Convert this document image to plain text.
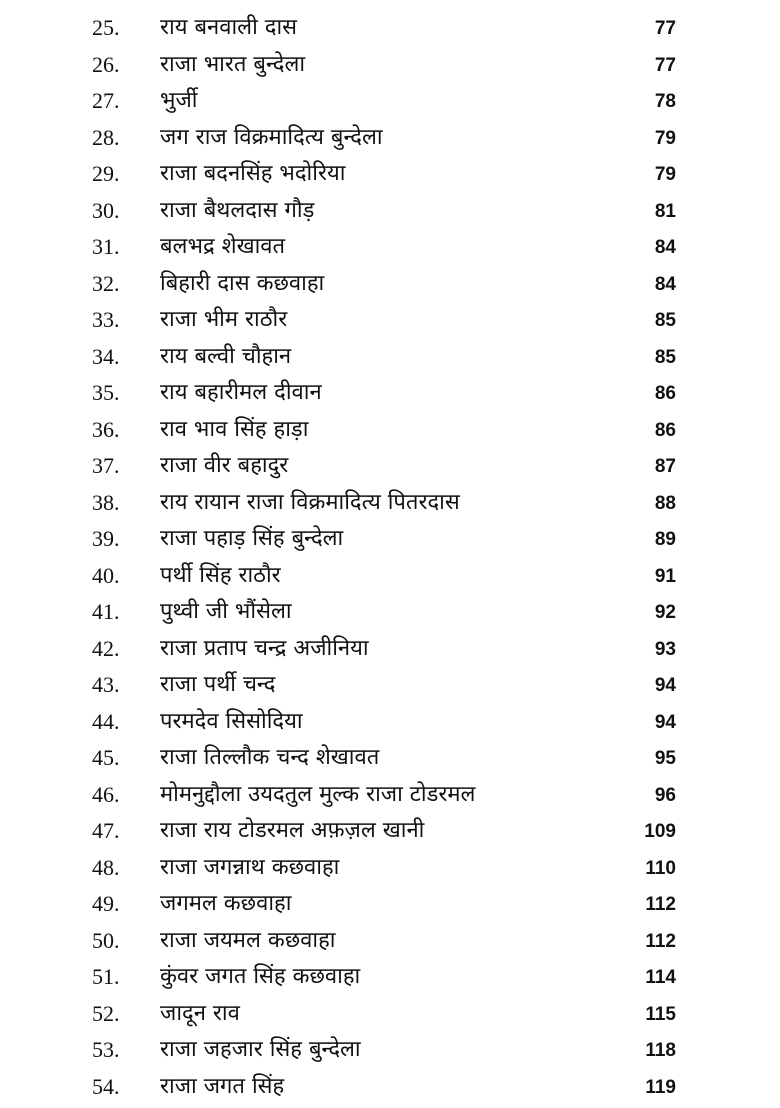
25. राय बनवाली दास	77
26. राजा भारत बुन्देला	77
27. भुर्जी	78
28. जग राज विक्रमादित्य बुन्देला	79
29. राजा बदनसिंह भदोरिया	79
30. राजा बैथलदास गौड़	81
31. बलभद्र शेखावत	84
32. बिहारी दास कछवाहा	84
33. राजा भीम राठौर	85
34. राय बल्वी चौहान	85
35. राय बहारीमल दीवान	86
36. राव भाव सिंह हाड़ा	86
37. राजा वीर बहादुर	87
38. राय रायान राजा विक्रमादित्य पितरदास	88
39. राजा पहाड़ सिंह बुन्देला	89
40. पर्थी सिंह राठौर	91
41. पुथ्वी जी भौंसेला	92
42. राजा प्रताप चन्द्र अजीनिया	93
43. राजा पर्थी चन्द	94
44. परमदेव सिसोदिया	94
45. राजा तिल्लौक चन्द शेखावत	95
46. मोमनुद्दौला उयदतुल मुल्क राजा टोडरमल	96
47. राजा राय टोडरमल अफ़ज़ल खानी	109
48. राजा जगन्नाथ कछवाहा	110
49. जगमल कछवाहा	112
50. राजा जयमल कछवाहा	112
51. कुंवर जगत सिंह कछवाहा	114
52. जादून राव	115
53. राजा जहजार सिंह बुन्देला	118
54. राजा जगत सिंह	119
